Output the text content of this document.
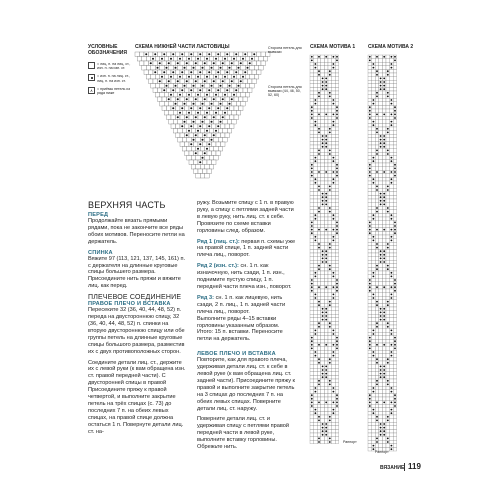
УСЛОВНЫЕ ОБОЗНАЧЕНИЯ
= лиц. п. на лиц. ст., изн. п. на изн. ст.
= изн. п. на лиц. ст., лиц. п. на изн. ст.
∧	= приёмы петель из ряда ниже
СХЕМА НИЖНЕЙ ЧАСТИ ЛАСТОВИЦЫ	Сторона петель для вывязки
Сторона петель для вывязки (44, 46, 50, 52, 60)
СХЕМА МОТИВА 1	СХЕМА МОТИВА 2
Раппорт
Раппорт
ВЕРХНЯЯ ЧАСТЬ
ПЕРЕД
Продолжайте вязать прямыми рядами, пока не закончите все ряды обоих мотивов. Переносите петли на держатель.
СПИНКА
Вяжите 97 (113, 121, 137, 145, 161) п. с держателя на длинные круговые спицы большего размера. Присоедините нить пряжи и вяжите лиц. как перед.
ПЛЕЧЕВОЕ СОЕДИНЕНИЕ
ПРАВОЕ ПЛЕЧО И ВСТАВКА
Пересеките 32 (36, 40, 44, 48, 52) п. переда на двустороннюю спицу, 32 (36, 40, 44, 48, 52) п. спинки на вторую двустороннюю спицу или обе группы петель на длинные круговые спицы большого размера, разместив их с двух противоположных сторон.
Соедините детали лиц. ст., держите их с левой руки (к вам обращена изн. ст. правой передней части). С двусторонней спицы в правой Присоедините пряжу к правой четвертой, и выполните закрытие петель на трёх спицах (с. 73) до последних 7 п. на обеих левых спицах, на правой спице должна остаться 1 п. Повернуте детали лиц. ст. на-
ружу. Возьмите спицу с 1 п. в правую руку, а спицу с петлями задней части в левую руку, нить лиц. ст. к себе. Провязите по схеме вставки горловины след. образом.
Ряд 1 (лиц. ст.): первая п. схемы уже на правой спице, 1 п. задней части плеча лиц., поворот.
Ряд 2 (изн. ст.): сн. 1 п. как изначочную, нить сзади, 1 п. изн., поднимите пустую спицу, 1 п. передней части плеча изн., поворот.
Ряд 3: сн. 1 п. как лицевую, нить сзади, 2 п. лиц., 1 п. задней части плеча лиц., поворот.
Выполните ряды 4–15 вставки горловины указанным образом. Итого: 15 п. вставки. Переносите петли на держатель.
ЛЕВОЕ ПЛЕЧО И ВСТАВКА
Повторите, как для правого плеча, удерживая детали лиц. ст. к себе в левой руке (к вам обращена лиц. ст. задней части). Присоедините пряжу к правой и выполните закрытие петель на 3 спицах до последних 7 п. на обеих левых спицах. Поверните детали лиц. ст. наружу.
Поверните детали лиц. ст. и удерживая спицу с петлями правой передней части в левой руке, выполните вставку горловины. Обрежьте нить.
ВЯЗАНИЕ 119
